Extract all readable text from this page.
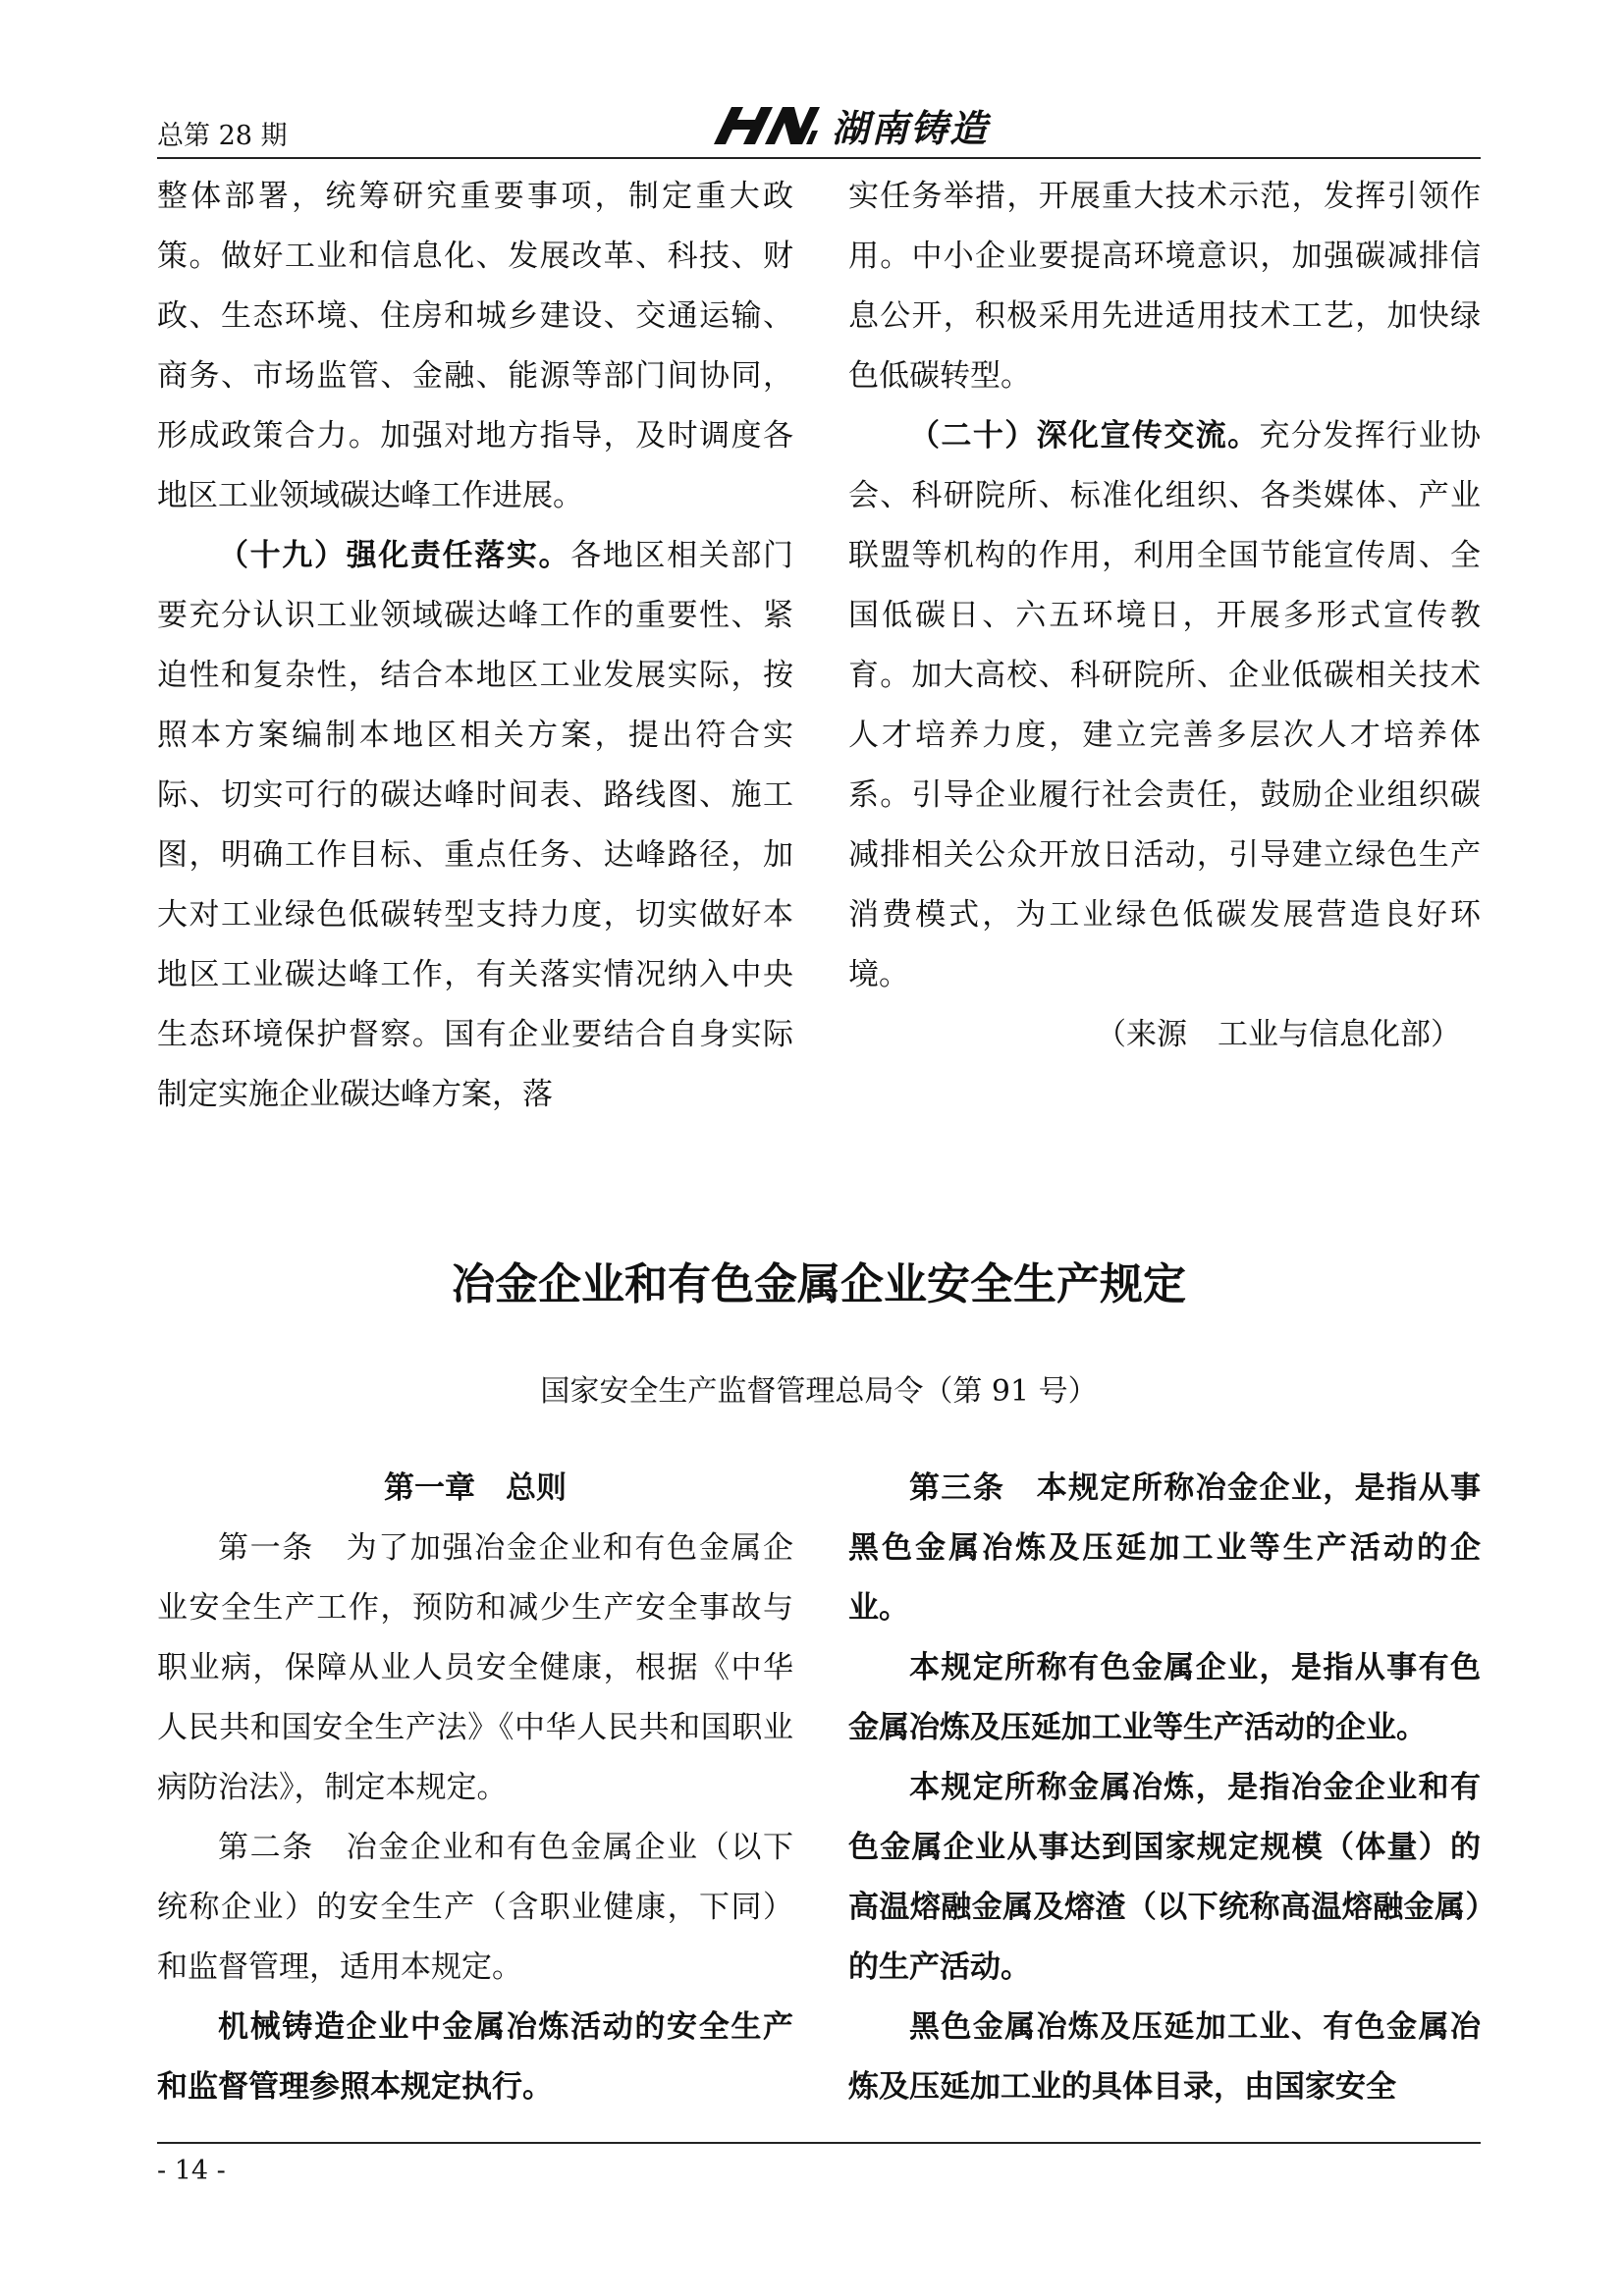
总第 28 期	湖南铸造

整体部署，统筹研究重要事项，制定重大政策。做好工业和信息化、发展改革、科技、财政、生态环境、住房和城乡建设、交通运输、商务、市场监管、金融、能源等部门间协同，形成政策合力。加强对地方指导，及时调度各地区工业领域碳达峰工作进展。

（十九）强化责任落实。各地区相关部门要充分认识工业领域碳达峰工作的重要性、紧迫性和复杂性，结合本地区工业发展实际，按照本方案编制本地区相关方案，提出符合实际、切实可行的碳达峰时间表、路线图、施工图，明确工作目标、重点任务、达峰路径，加大对工业绿色低碳转型支持力度，切实做好本地区工业碳达峰工作，有关落实情况纳入中央生态环境保护督察。国有企业要结合自身实际制定实施企业碳达峰方案，落

实任务举措，开展重大技术示范，发挥引领作用。中小企业要提高环境意识，加强碳减排信息公开，积极采用先进适用技术工艺，加快绿色低碳转型。

（二十）深化宣传交流。充分发挥行业协会、科研院所、标准化组织、各类媒体、产业联盟等机构的作用，利用全国节能宣传周、全国低碳日、六五环境日，开展多形式宣传教育。加大高校、科研院所、企业低碳相关技术人才培养力度，建立完善多层次人才培养体系。引导企业履行社会责任，鼓励企业组织碳减排相关公众开放日活动，引导建立绿色生产消费模式，为工业绿色低碳发展营造良好环境。

（来源　工业与信息化部）

冶金企业和有色金属企业安全生产规定
国家安全生产监督管理总局令（第 91 号）

第一章　总则

第一条　为了加强冶金企业和有色金属企业安全生产工作，预防和减少生产安全事故与职业病，保障从业人员安全健康，根据《中华人民共和国安全生产法》《中华人民共和国职业病防治法》，制定本规定。

第二条　冶金企业和有色金属企业（以下统称企业）的安全生产（含职业健康，下同）和监督管理，适用本规定。

机械铸造企业中金属冶炼活动的安全生产和监督管理参照本规定执行。

第三条　本规定所称冶金企业，是指从事黑色金属冶炼及压延加工业等生产活动的企业。

本规定所称有色金属企业，是指从事有色金属冶炼及压延加工业等生产活动的企业。

本规定所称金属冶炼，是指冶金企业和有色金属企业从事达到国家规定规模（体量）的高温熔融金属及熔渣（以下统称高温熔融金属）的生产活动。

黑色金属冶炼及压延加工业、有色金属冶炼及压延加工业的具体目录，由国家安全

- 14 -
